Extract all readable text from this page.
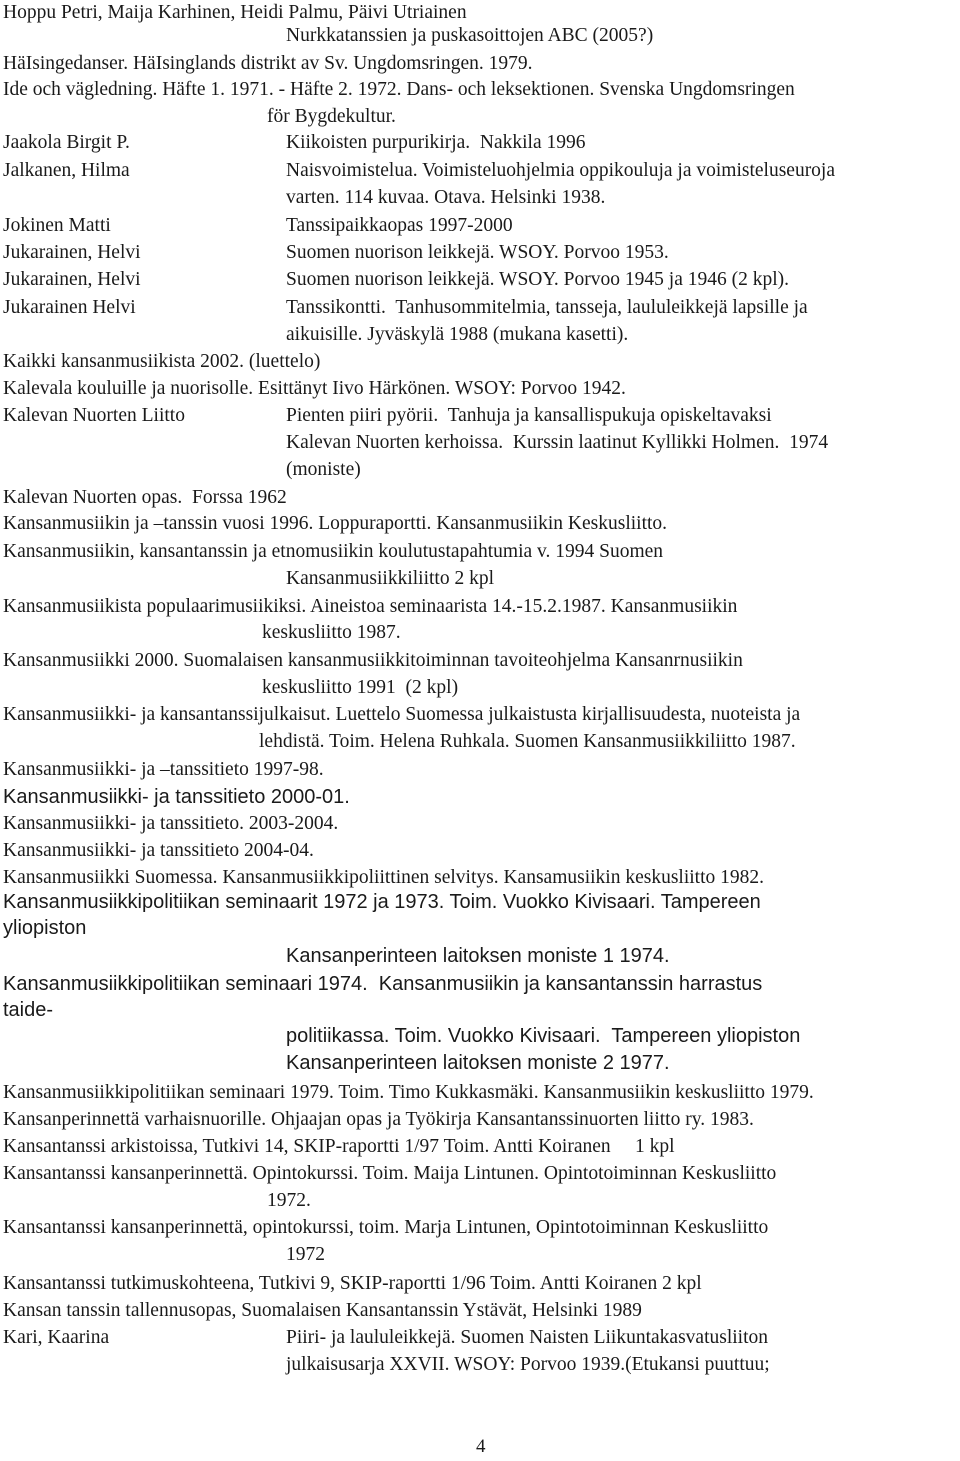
Hoppu Petri, Maija Karhinen, Heidi Palmu, Päivi Utriainen
Nurkkatanssien ja puskasoittojen ABC (2005?)
HäIsingedanser. HäIsinglands distrikt av Sv. Ungdomsringen. 1979.
Ide och vägledning. Häfte 1. 1971. - Häfte 2. 1972. Dans- och leksektionen. Svenska Ungdomsringen
för Bygdekultur.
Jaakola Birgit P.	Kiikoisten purpurikirja.  Nakkila 1996
Jalkanen, Hilma	Naisvoimistelua. Voimisteluohjelmia oppikouluja ja voimisteluseuroja
varten. 114 kuvaa. Otava. Helsinki 1938.
Jokinen Matti	Tanssipaikkaopas 1997-2000
Jukarainen, Helvi	Suomen nuorison leikkejä. WSOY. Porvoo 1953.
Jukarainen, Helvi	Suomen nuorison leikkejä. WSOY. Porvoo 1945 ja 1946 (2 kpl).
Jukarainen Helvi	Tanssikontti.  Tanhusommitelmia, tansseja, laululeikkejä lapsille ja
aikuisille. Jyväskylä 1988 (mukana kasetti).
Kaikki kansanmusiikista 2002. (luettelo)
Kalevala kouluille ja nuorisolle. Esittänyt Iivo Härkönen. WSOY: Porvoo 1942.
Kalevan Nuorten Liitto	Pienten piiri pyörii.  Tanhuja ja kansallispukuja opiskeltavaksi
Kalevan Nuorten kerhoissa.  Kurssin laatinut Kyllikki Holmen.  1974
(moniste)
Kalevan Nuorten opas.  Forssa 1962
Kansanmusiikin ja –tanssin vuosi 1996. Loppuraportti. Kansanmusiikin Keskusliitto.
Kansanmusiikin, kansantanssin ja etnomusiikin koulutustapahtumia v. 1994 Suomen
Kansanmusiikkiliitto 2 kpl
Kansanmusiikista populaarimusiikiksi. Aineistoa seminaarista 14.-15.2.1987. Kansanmusiikin
keskusliitto 1987.
Kansanmusiikki 2000. Suomalaisen kansanmusiikkitoiminnan tavoiteohjelma Kansanrnusiikin
keskusliitto 1991  (2 kpl)
Kansanmusiikki- ja kansantanssijulkaisut. Luettelo Suomessa julkaistusta kirjallisuudesta, nuoteista ja
lehdistä. Toim. Helena Ruhkala. Suomen Kansanmusiikkiliitto 1987.
Kansanmusiikki- ja –tanssitieto 1997-98.
Kansanmusiikki- ja tanssitieto 2000-01.
Kansanmusiikki- ja tanssitieto. 2003-2004.
Kansanmusiikki- ja tanssitieto 2004-04.
Kansanmusiikki Suomessa. Kansanmusiikkipoliittinen selvitys. Kansamusiikin keskusliitto 1982.
Kansanmusiikkipolitiikan seminaarit 1972 ja 1973. Toim. Vuokko Kivisaari. Tampereen
yliopiston
Kansanperinteen laitoksen moniste 1 1974.
Kansanmusiikkipolitiikan seminaari 1974.  Kansanmusiikin ja kansantanssin harrastus
taide-
politiikassa. Toim. Vuokko Kivisaari.  Tampereen yliopiston
Kansanperinteen laitoksen moniste 2 1977.
Kansanmusiikkipolitiikan seminaari 1979. Toim. Timo Kukkasmäki. Kansanmusiikin keskusliitto 1979.
Kansanperinnettä varhaisnuorille. Ohjaajan opas ja Työkirja Kansantanssinuorten liitto ry. 1983.
Kansantanssi arkistoissa, Tutkivi 14, SKIP-raportti 1/97 Toim. Antti Koiranen     1 kpl
Kansantanssi kansanperinnettä. Opintokurssi. Toim. Maija Lintunen. Opintotoiminnan Keskusliitto
1972.
Kansantanssi kansanperinnettä, opintokurssi, toim. Marja Lintunen, Opintotoiminnan Keskusliitto
1972
Kansantanssi tutkimuskohteena, Tutkivi 9, SKIP-raportti 1/96 Toim. Antti Koiranen 2 kpl
Kansan tanssin tallennusopas, Suomalaisen Kansantanssin Ystävät, Helsinki 1989
Kari, Kaarina	Piiri- ja laululeikkejä. Suomen Naisten Liikuntakasvatusliiton
julkaisusarja XXVII. WSOY: Porvoo 1939.(Etukansi puuttuu;
4
